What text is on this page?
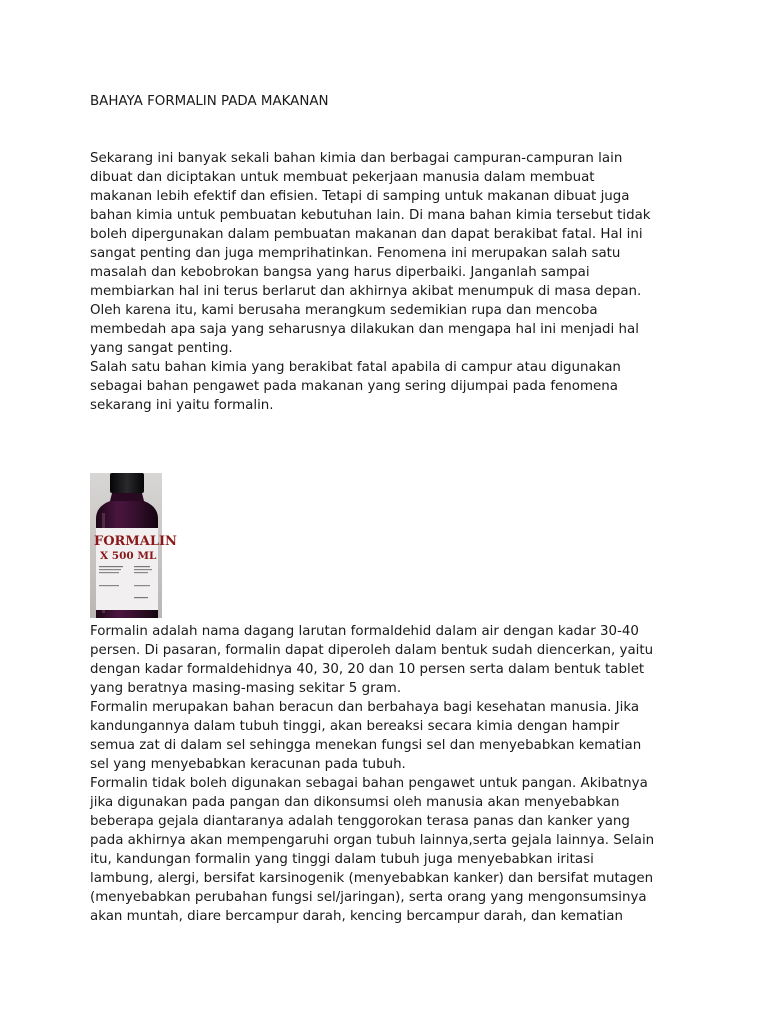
BAHAYA FORMALIN PADA MAKANAN
Sekarang ini banyak sekali bahan kimia dan berbagai campuran-campuran lain
dibuat dan diciptakan untuk membuat pekerjaan manusia dalam membuat
makanan lebih efektif dan efisien. Tetapi di samping untuk makanan dibuat juga
bahan kimia untuk pembuatan kebutuhan lain. Di mana bahan kimia tersebut tidak
boleh dipergunakan dalam pembuatan makanan dan dapat berakibat fatal. Hal ini
sangat penting dan juga memprihatinkan. Fenomena ini merupakan salah satu
masalah dan kebobrokan bangsa yang harus diperbaiki. Janganlah sampai
membiarkan hal ini terus berlarut dan akhirnya akibat menumpuk di masa depan.
Oleh karena itu, kami berusaha merangkum sedemikian rupa dan mencoba
membedah apa saja yang seharusnya dilakukan dan mengapa hal ini menjadi hal
yang sangat penting.
Salah satu bahan kimia yang berakibat fatal apabila di campur atau digunakan
sebagai bahan pengawet pada makanan yang sering dijumpai pada fenomena
sekarang ini yaitu formalin.
FORMALIN
X 500 ML
Formalin adalah nama dagang larutan formaldehid dalam air dengan kadar 30-40
persen. Di pasaran, formalin dapat diperoleh dalam bentuk sudah diencerkan, yaitu
dengan kadar formaldehidnya 40, 30, 20 dan 10 persen serta dalam bentuk tablet
yang beratnya masing-masing sekitar 5 gram.
Formalin merupakan bahan beracun dan berbahaya bagi kesehatan manusia. Jika
kandungannya dalam tubuh tinggi, akan bereaksi secara kimia dengan hampir
semua zat di dalam sel sehingga menekan fungsi sel dan menyebabkan kematian
sel yang menyebabkan keracunan pada tubuh.
Formalin tidak boleh digunakan sebagai bahan pengawet untuk pangan. Akibatnya
jika digunakan pada pangan dan dikonsumsi oleh manusia akan menyebabkan
beberapa gejala diantaranya adalah tenggorokan terasa panas dan kanker yang
pada akhirnya akan mempengaruhi organ tubuh lainnya,serta gejala lainnya. Selain
itu, kandungan formalin yang tinggi dalam tubuh juga menyebabkan iritasi
lambung, alergi, bersifat karsinogenik (menyebabkan kanker) dan bersifat mutagen
(menyebabkan perubahan fungsi sel/jaringan), serta orang yang mengonsumsinya
akan muntah, diare bercampur darah, kencing bercampur darah, dan kematian
